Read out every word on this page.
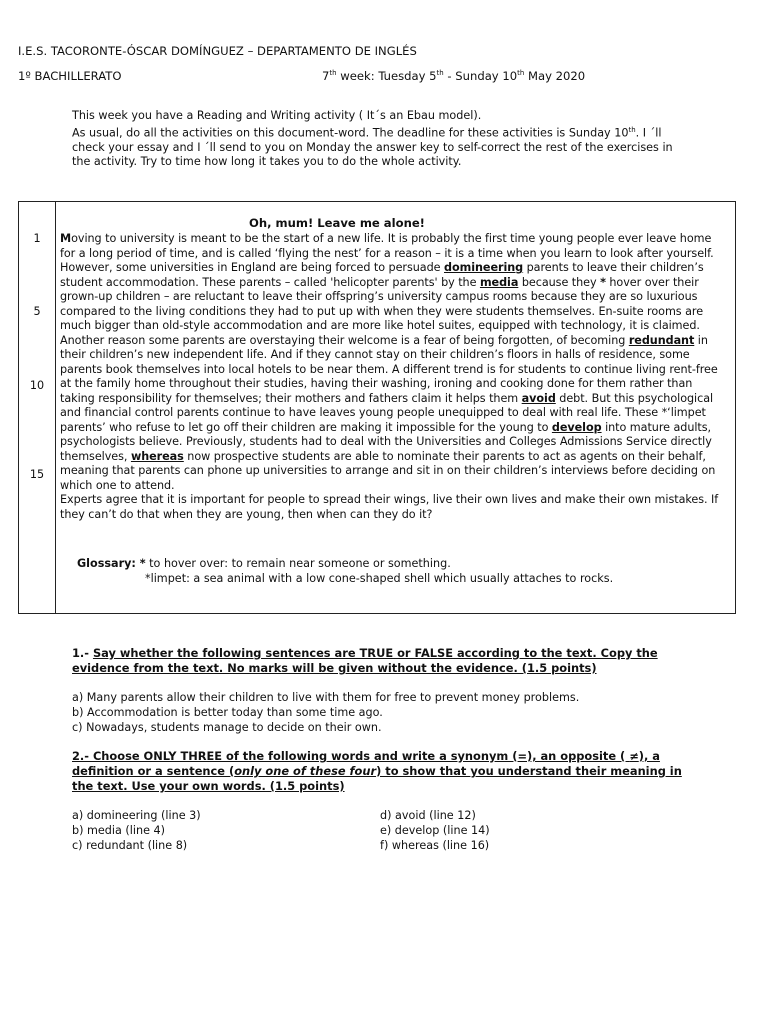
I.E.S. TACORONTE-ÓSCAR DOMÍNGUEZ – DEPARTAMENTO DE INGLÉS
1º BACHILLERATO	7th week: Tuesday 5th - Sunday 10th May 2020
This week you have a Reading and Writing activity ( It´s an Ebau model).
As usual, do all the activities on this document-word. The deadline for these activities is Sunday 10th. I ´ll check your essay and I ´ll send to you on Monday the answer key to self-correct the rest of the exercises in the activity. Try to time how long it takes you to do the whole activity.
1
5
10
15
Oh, mum! Leave me alone!

Moving to university is meant to be the start of a new life. It is probably the first time young people ever leave home for a long period of time, and is called ‘flying the nest’ for a reason – it is a time when you learn to look after yourself. However, some universities in England are being forced to persuade domineering parents to leave their children’s student accommodation. These parents – called 'helicopter parents' by the media because they * hover over their grown-up children – are reluctant to leave their offspring’s university campus rooms because they are so luxurious compared to the living conditions they had to put up with when they were students themselves. En-suite rooms are much bigger than old-style accommodation and are more like hotel suites, equipped with technology, it is claimed.

Another reason some parents are overstaying their welcome is a fear of being forgotten, of becoming redundant in their children’s new independent life. And if they cannot stay on their children’s floors in halls of residence, some parents book themselves into local hotels to be near them. A different trend is for students to continue living rent-free at the family home throughout their studies, having their washing, ironing and cooking done for them rather than taking responsibility for themselves; their mothers and fathers claim it helps them avoid debt. But this psychological and financial control parents continue to have leaves young people unequipped to deal with real life. These *‘limpet parents’ who refuse to let go off their children are making it impossible for the young to develop into mature adults, psychologists believe. Previously, students had to deal with the Universities and Colleges Admissions Service directly themselves, whereas now prospective students are able to nominate their parents to act as agents on their behalf, meaning that parents can phone up universities to arrange and sit in on their children’s interviews before deciding on which one to attend.

Experts agree that it is important for people to spread their wings, live their own lives and make their own mistakes. If they can’t do that when they are young, then when can they do it?

Glossary: * to hover over: to remain near someone or something.
*limpet: a sea animal with a low cone-shaped shell which usually attaches to rocks.
1.- Say whether the following sentences are TRUE or FALSE according to the text. Copy the evidence from the text. No marks will be given without the evidence. (1.5 points)
a) Many parents allow their children to live with them for free to prevent money problems.
b) Accommodation is better today than some time ago.
c) Nowadays, students manage to decide on their own.
2.- Choose ONLY THREE of the following words and write a synonym (=), an opposite ( ≠), a definition or a sentence (only one of these four) to show that you understand their meaning in the text. Use your own words. (1.5 points)
a) domineering (line 3)
b) media (line 4)
c) redundant (line 8)
d) avoid (line 12)
e) develop (line 14)
f) whereas (line 16)
